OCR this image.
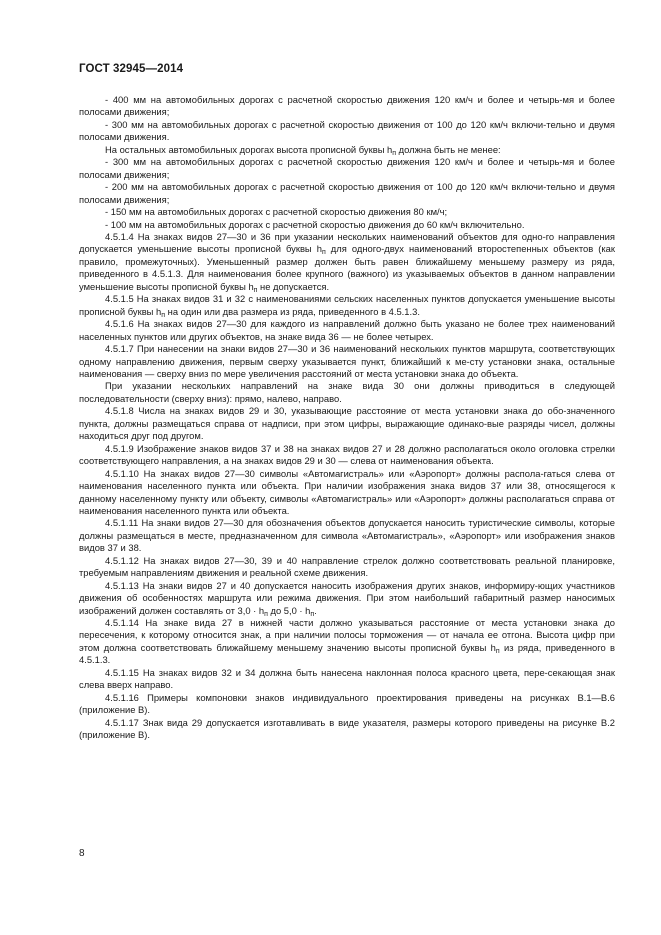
ГОСТ 32945—2014

- 400 мм на автомобильных дорогах с расчетной скоростью движения 120 км/ч и более и четырь-мя и более полосами движения;

- 300 мм на автомобильных дорогах с расчетной скоростью движения от 100 до 120 км/ч включи-тельно и двумя полосами движения.

На остальных автомобильных дорогах высота прописной буквы $h_п$ должна быть не менее:

- 300 мм на автомобильных дорогах с расчетной скоростью движения 120 км/ч и более и четырь-мя и более полосами движения;

- 200 мм на автомобильных дорогах с расчетной скоростью движения от 100 до 120 км/ч включи-тельно и двумя полосами движения;

- 150 мм на автомобильных дорогах с расчетной скоростью движения 80 км/ч;

- 100 мм на автомобильных дорогах с расчетной скоростью движения до 60 км/ч включительно.

4.5.1.4 На знаках видов 27—30 и 36 при указании нескольких наименований объектов для одно-го направления допускается уменьшение высоты прописной буквы $h_п$ для одного-двух наименований второстепенных объектов (как правило, промежуточных). Уменьшенный размер должен быть равен ближайшему меньшему размеру из ряда, приведенного в 4.5.1.3. Для наименования более крупного (важного) из указываемых объектов в данном направлении уменьшение высоты прописной буквы $h_п$ не допускается.

4.5.1.5 На знаках видов 31 и 32 с наименованиями сельских населенных пунктов допускается уменьшение высоты прописной буквы $h_п$ на один или два размера из ряда, приведенного в 4.5.1.3.

4.5.1.6 На знаках видов 27—30 для каждого из направлений должно быть указано не более трех наименований населенных пунктов или других объектов, на знаке вида 36 — не более четырех.

4.5.1.7 При нанесении на знаки видов 27—30 и 36 наименований нескольких пунктов маршрута, соответствующих одному направлению движения, первым сверху указывается пункт, ближайший к ме-сту установки знака, остальные наименования — сверху вниз по мере увеличения расстояний от места установки знака до объекта.

При указании нескольких направлений на знаке вида 30 они должны приводиться в следующей последовательности (сверху вниз): прямо, налево, направо.

4.5.1.8 Числа на знаках видов 29 и 30, указывающие расстояние от места установки знака до обо-значенного пункта, должны размещаться справа от надписи, при этом цифры, выражающие одинако-вые разряды чисел, должны находиться друг под другом.

4.5.1.9 Изображение знаков видов 37 и 38 на знаках видов 27 и 28 должно располагаться около оголовка стрелки соответствующего направления, а на знаках видов 29 и 30 — слева от наименования объекта.

4.5.1.10 На знаках видов 27—30 символы «Автомагистраль» или «Аэропорт» должны распола-гаться слева от наименования населенного пункта или объекта. При наличии изображения знака видов 37 или 38, относящегося к данному населенному пункту или объекту, символы «Автомагистраль» или «Аэропорт» должны располагаться справа от наименования населенного пункта или объекта.

4.5.1.11 На знаки видов 27—30 для обозначения объектов допускается наносить туристические символы, которые должны размещаться в месте, предназначенном для символа «Автомагистраль», «Аэропорт» или изображения знаков видов 37 и 38.

4.5.1.12 На знаках видов 27—30, 39 и 40 направление стрелок должно соответствовать реальной планировке, требуемым направлениям движения и реальной схеме движения.

4.5.1.13 На знаки видов 27 и 40 допускается наносить изображения других знаков, информиру-ющих участников движения об особенностях маршрута или режима движения. При этом наибольший габаритный размер наносимых изображений должен составлять от $3,0 \cdot h_п$ до $5,0 \cdot h_п$.

4.5.1.14 На знаке вида 27 в нижней части должно указываться расстояние от места установки знака до пересечения, к которому относится знак, а при наличии полосы торможения — от начала ее отгона. Высота цифр при этом должна соответствовать ближайшему меньшему значению высоты прописной буквы $h_п$ из ряда, приведенного в 4.5.1.3.

4.5.1.15 На знаках видов 32 и 34 должна быть нанесена наклонная полоса красного цвета, пере-секающая знак слева вверх направо.

4.5.1.16 Примеры компоновки знаков индивидуального проектирования приведены на рисунках В.1—В.6 (приложение В).

4.5.1.17 Знак вида 29 допускается изготавливать в виде указателя, размеры которого приведены на рисунке В.2 (приложение В).

8
